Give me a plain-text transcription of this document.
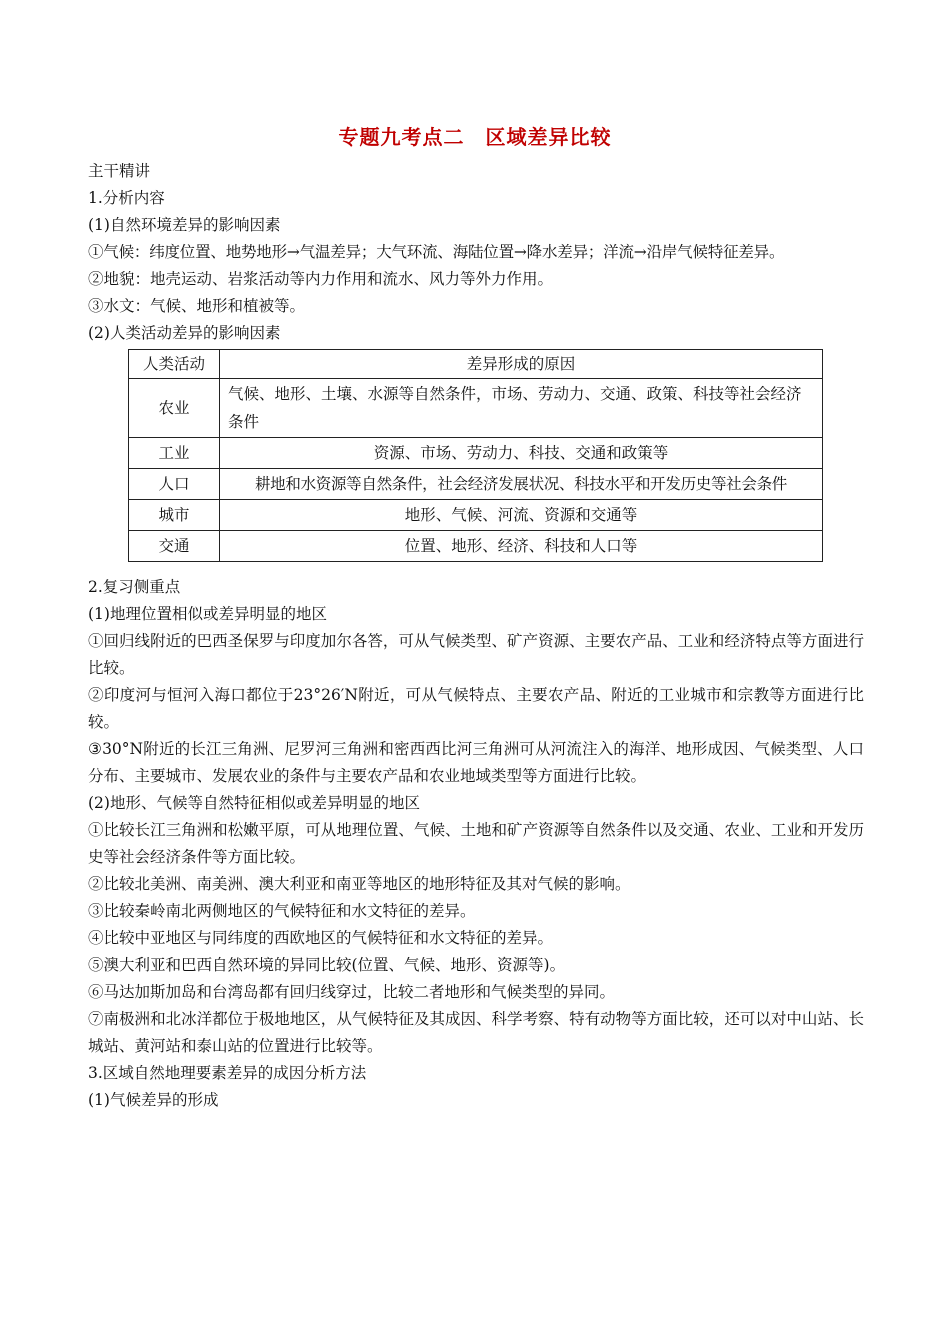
专题九考点二　区域差异比较

主干精讲

1.分析内容

(1)自然环境差异的影响因素

①气候：纬度位置、地势地形→气温差异；大气环流、海陆位置→降水差异；洋流→沿岸气候特征差异。

②地貌：地壳运动、岩浆活动等内力作用和流水、风力等外力作用。

③水文：气候、地形和植被等。

(2)人类活动差异的影响因素

人类活动	差异形成的原因
农业	气候、地形、土壤、水源等自然条件，市场、劳动力、交通、政策、科技等社会经济条件
工业	资源、市场、劳动力、科技、交通和政策等
人口	耕地和水资源等自然条件，社会经济发展状况、科技水平和开发历史等社会条件
城市	地形、气候、河流、资源和交通等
交通	位置、地形、经济、科技和人口等

2.复习侧重点

(1)地理位置相似或差异明显的地区

①回归线附近的巴西圣保罗与印度加尔各答，可从气候类型、矿产资源、主要农产品、工业和经济特点等方面进行比较。

②印度河与恒河入海口都位于23°26′N附近，可从气候特点、主要农产品、附近的工业城市和宗教等方面进行比较。

③30°N附近的长江三角洲、尼罗河三角洲和密西西比河三角洲可从河流注入的海洋、地形成因、气候类型、人口分布、主要城市、发展农业的条件与主要农产品和农业地域类型等方面进行比较。

(2)地形、气候等自然特征相似或差异明显的地区

①比较长江三角洲和松嫩平原，可从地理位置、气候、土地和矿产资源等自然条件以及交通、农业、工业和开发历史等社会经济条件等方面比较。

②比较北美洲、南美洲、澳大利亚和南亚等地区的地形特征及其对气候的影响。

③比较秦岭南北两侧地区的气候特征和水文特征的差异。

④比较中亚地区与同纬度的西欧地区的气候特征和水文特征的差异。

⑤澳大利亚和巴西自然环境的异同比较(位置、气候、地形、资源等)。

⑥马达加斯加岛和台湾岛都有回归线穿过，比较二者地形和气候类型的异同。

⑦南极洲和北冰洋都位于极地地区，从气候特征及其成因、科学考察、特有动物等方面比较，还可以对中山站、长城站、黄河站和泰山站的位置进行比较等。

3.区域自然地理要素差异的成因分析方法

(1)气候差异的形成
